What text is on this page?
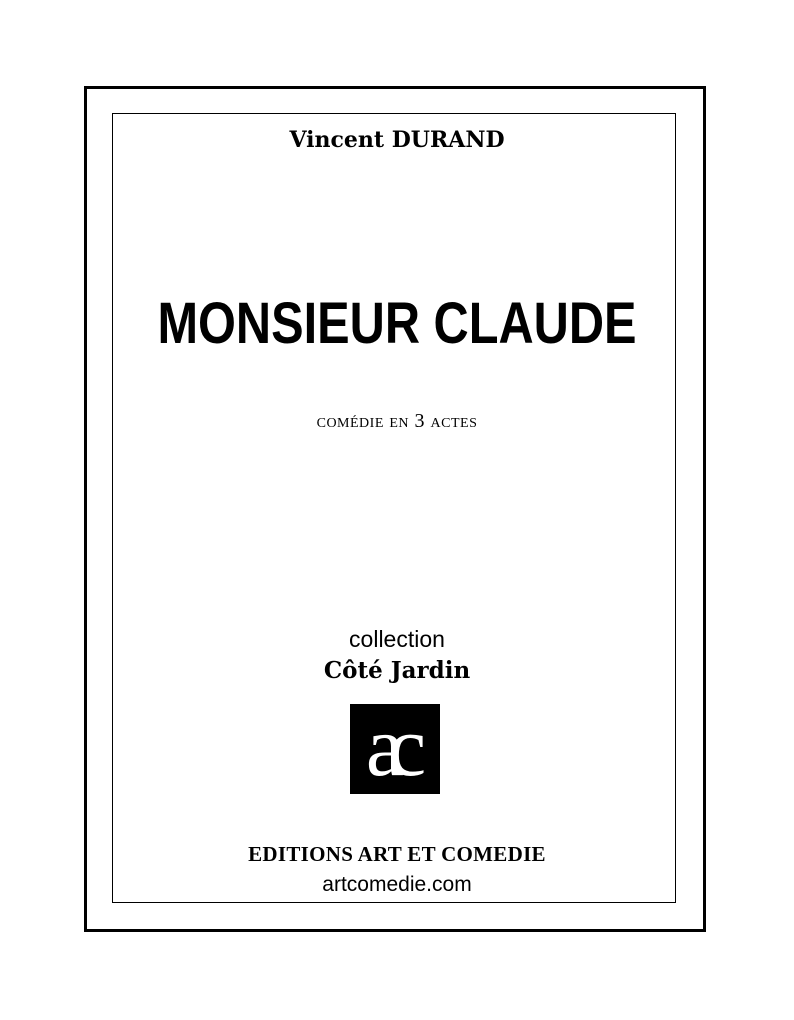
Vincent DURAND
MONSIEUR CLAUDE
comédie en 3 actes
collection
Côté Jardin
ac
EDITIONS ART ET COMEDIE
artcomedie.com
